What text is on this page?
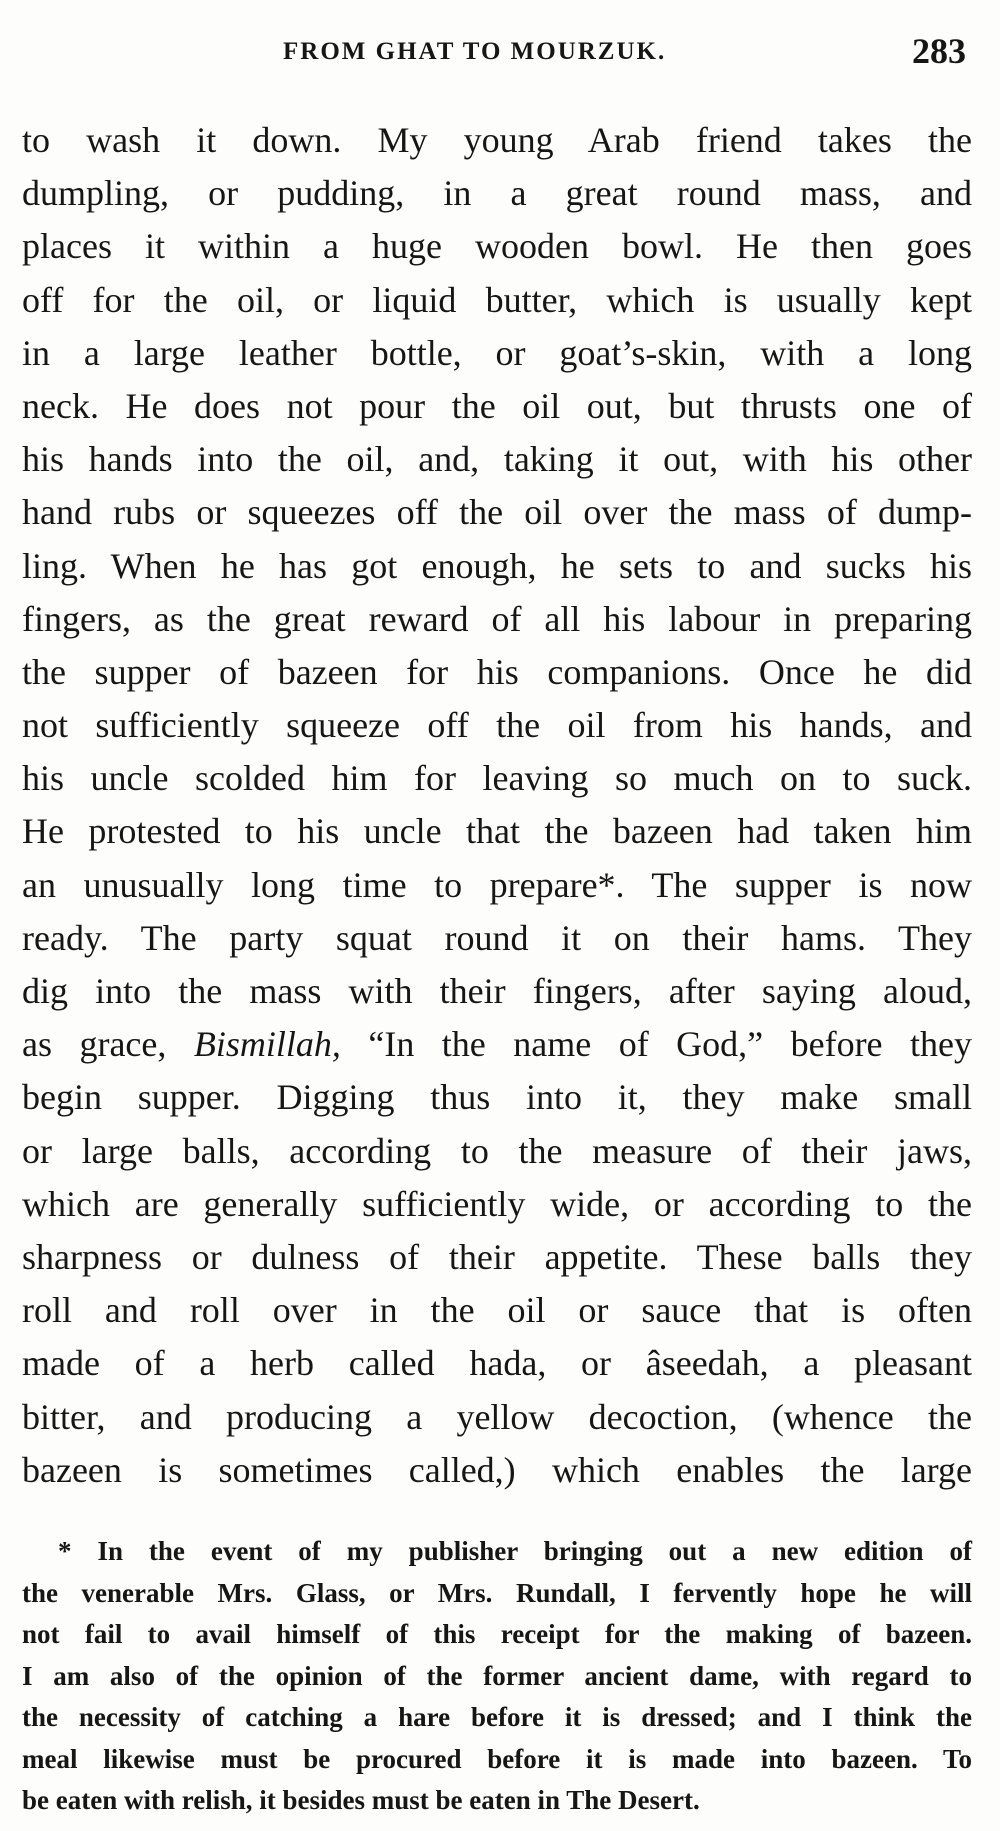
FROM GHAT TO MOURZUK.	283
to wash it down. My young Arab friend takes the
dumpling, or pudding, in a great round mass, and
places it within a huge wooden bowl. He then goes
off for the oil, or liquid butter, which is usually kept
in a large leather bottle, or goat’s-skin, with a long
neck. He does not pour the oil out, but thrusts one of
his hands into the oil, and, taking it out, with his other
hand rubs or squeezes off the oil over the mass of dump-
ling. When he has got enough, he sets to and sucks his
fingers, as the great reward of all his labour in preparing
the supper of bazeen for his companions. Once he did
not sufficiently squeeze off the oil from his hands, and
his uncle scolded him for leaving so much on to suck.
He protested to his uncle that the bazeen had taken him
an unusually long time to prepare*. The supper is now
ready. The party squat round it on their hams. They
dig into the mass with their fingers, after saying aloud,
as grace, Bismillah, “In the name of God,” before they
begin supper. Digging thus into it, they make small
or large balls, according to the measure of their jaws,
which are generally sufficiently wide, or according to the
sharpness or dulness of their appetite. These balls they
roll and roll over in the oil or sauce that is often
made of a herb called hada, or âseedah, a pleasant
bitter, and producing a yellow decoction, (whence the
bazeen is sometimes called,) which enables the large
* In the event of my publisher bringing out a new edition of
the venerable Mrs. Glass, or Mrs. Rundall, I fervently hope he will
not fail to avail himself of this receipt for the making of bazeen.
I am also of the opinion of the former ancient dame, with regard to
the necessity of catching a hare before it is dressed; and I think the
meal likewise must be procured before it is made into bazeen. To
be eaten with relish, it besides must be eaten in The Desert.
